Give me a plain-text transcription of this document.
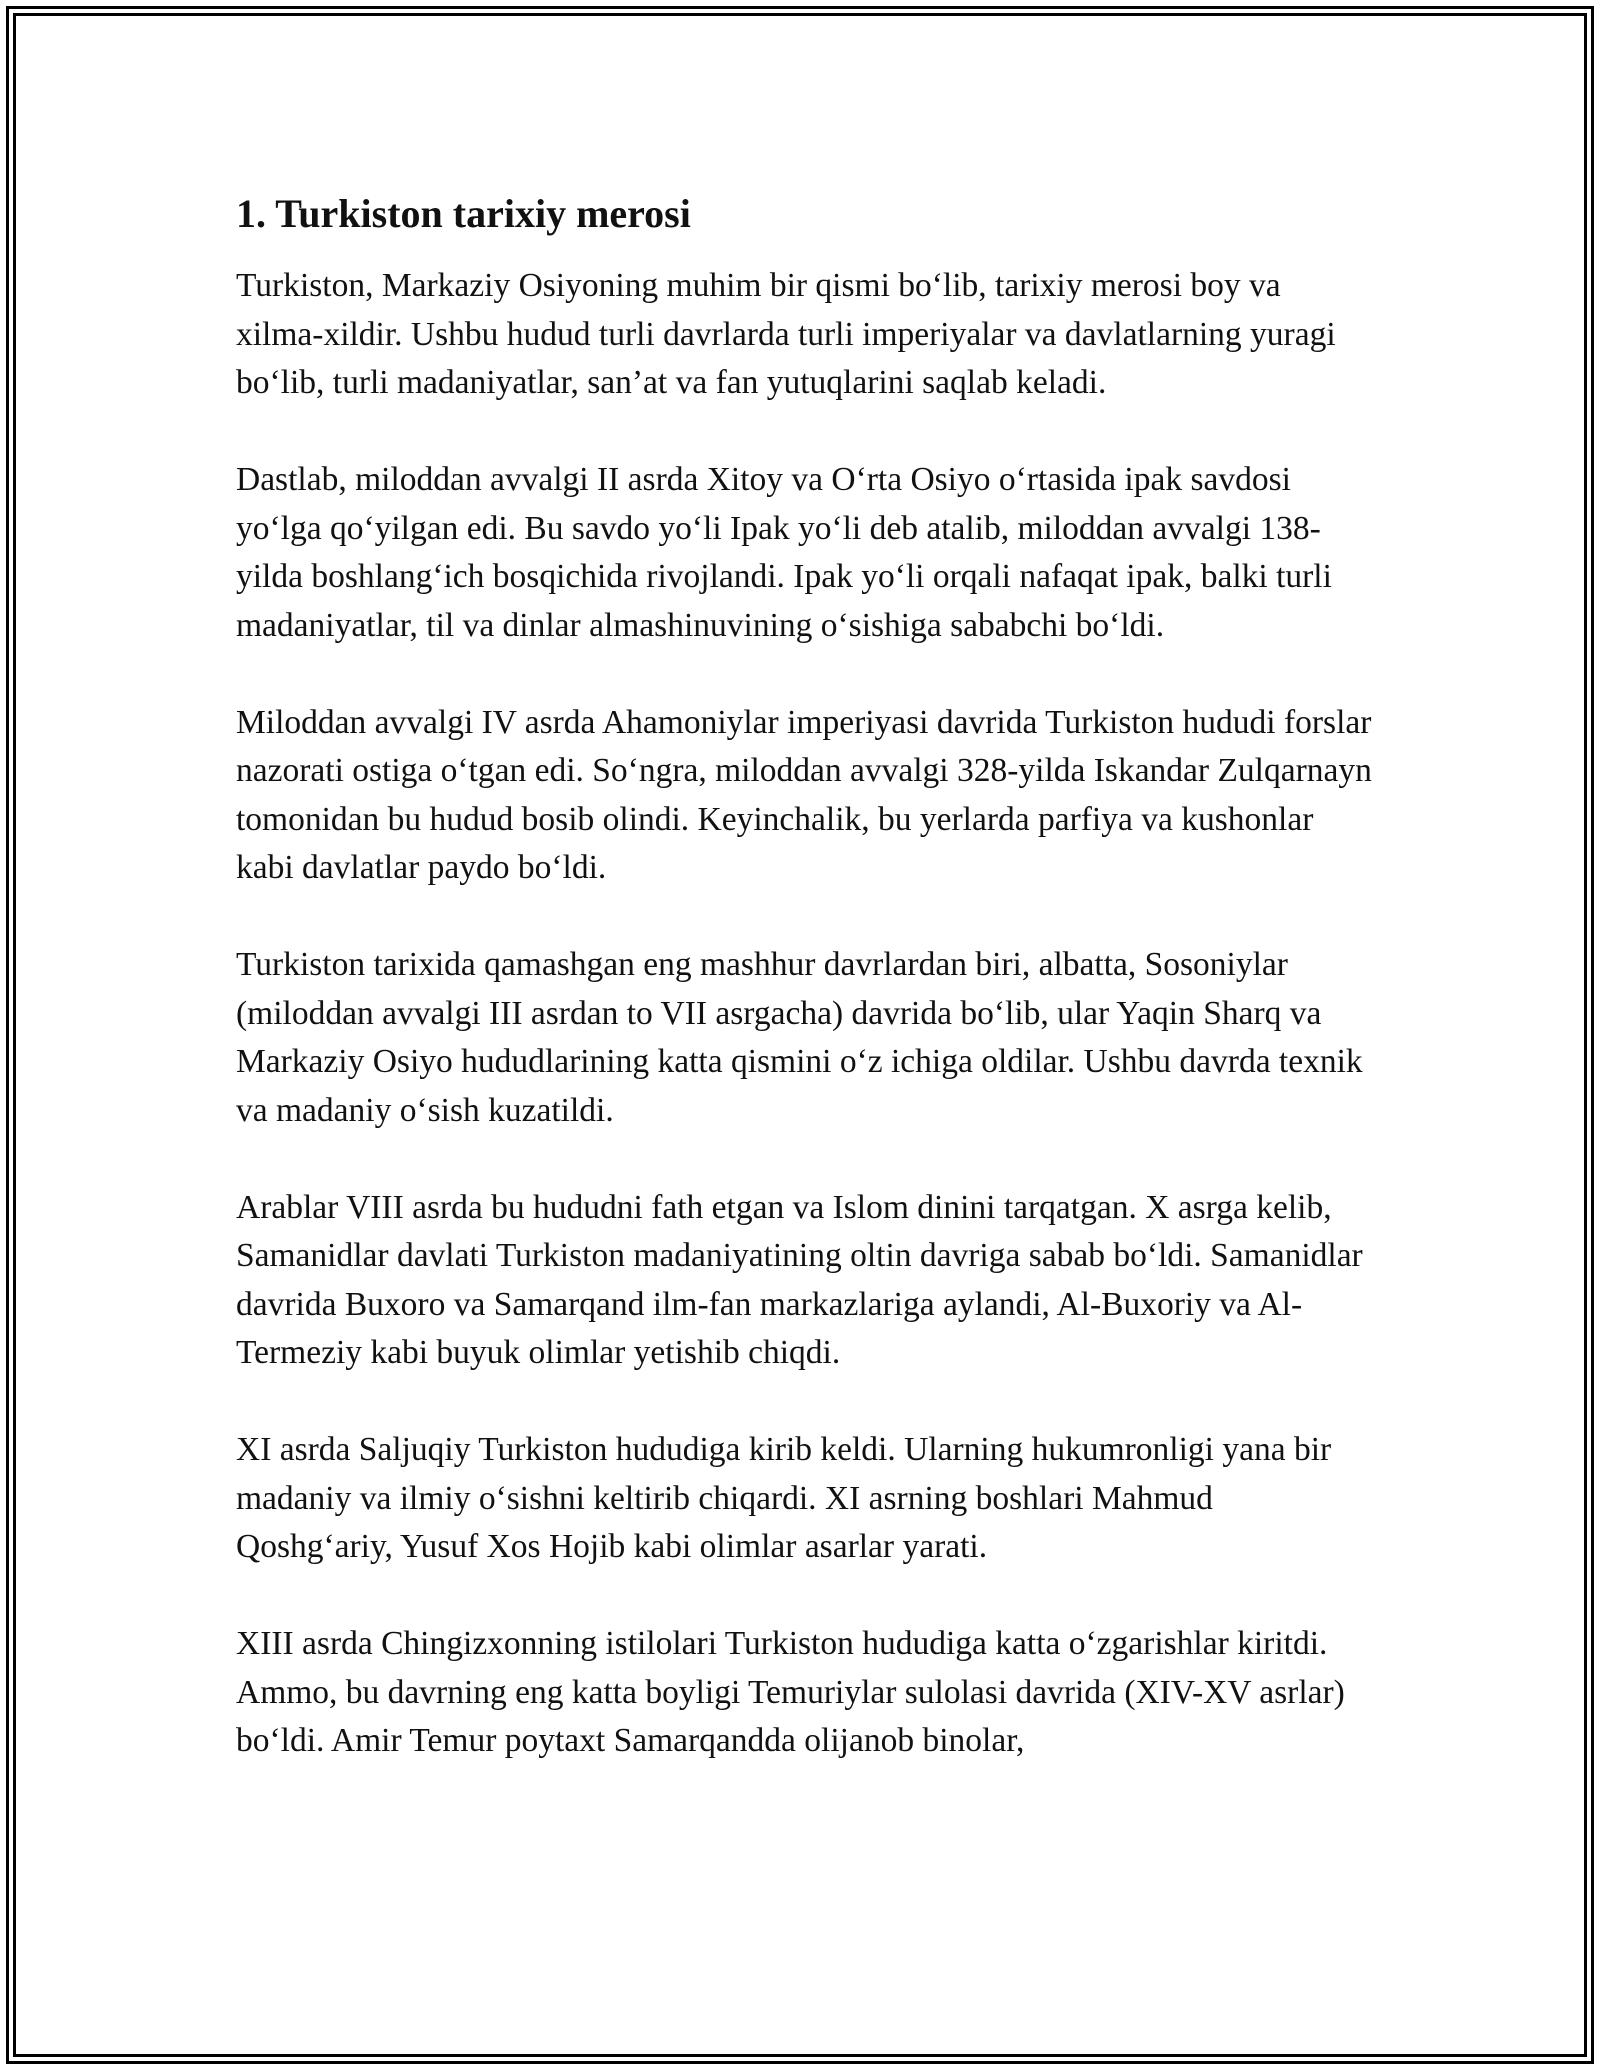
1. Turkiston tarixiy merosi

Turkiston, Markaziy Osiyoning muhim bir qismi bo‘lib, tarixiy merosi boy va xilma-xildir. Ushbu hudud turli davrlarda turli imperiyalar va davlatlarning yuragi bo‘lib, turli madaniyatlar, san’at va fan yutuqlarini saqlab keladi.

Dastlab, miloddan avvalgi II asrda Xitoy va O‘rta Osiyo o‘rtasida ipak savdosi yo‘lga qo‘yilgan edi. Bu savdo yo‘li Ipak yo‘li deb atalib, miloddan avvalgi 138-yilda boshlang‘ich bosqichida rivojlandi. Ipak yo‘li orqali nafaqat ipak, balki turli madaniyatlar, til va dinlar almashinuvining o‘sishiga sababchi bo‘ldi.

Miloddan avvalgi IV asrda Ahamoniylar imperiyasi davrida Turkiston hududi forslar nazorati ostiga o‘tgan edi. So‘ngra, miloddan avvalgi 328-yilda Iskandar Zulqarnayn tomonidan bu hudud bosib olindi. Keyinchalik, bu yerlarda parfiya va kushonlar kabi davlatlar paydo bo‘ldi.

Turkiston tarixida qamashgan eng mashhur davrlardan biri, albatta, Sosoniylar (miloddan avvalgi III asrdan to VII asrgacha) davrida bo‘lib, ular Yaqin Sharq va Markaziy Osiyo hududlarining katta qismini o‘z ichiga oldilar. Ushbu davrda texnik va madaniy o‘sish kuzatildi.

Arablar VIII asrda bu hududni fath etgan va Islom dinini tarqatgan. X asrga kelib, Samanidlar davlati Turkiston madaniyatining oltin davriga sabab bo‘ldi. Samanidlar davrida Buxoro va Samarqand ilm-fan markazlariga aylandi, Al-Buxoriy va Al-Termeziy kabi buyuk olimlar yetishib chiqdi.

XI asrda Saljuqiy Turkiston hududiga kirib keldi. Ularning hukumronligi yana bir madaniy va ilmiy o‘sishni keltirib chiqardi. XI asrning boshlari Mahmud Qoshg‘ariy, Yusuf Xos Hojib kabi olimlar asarlar yarati.

XIII asrda Chingizxonning istilolari Turkiston hududiga katta o‘zgarishlar kiritdi. Ammo, bu davrning eng katta boyligi Temuriylar sulolasi davrida (XIV-XV asrlar) bo‘ldi. Amir Temur poytaxt Samarqandda olijanob binolar,
